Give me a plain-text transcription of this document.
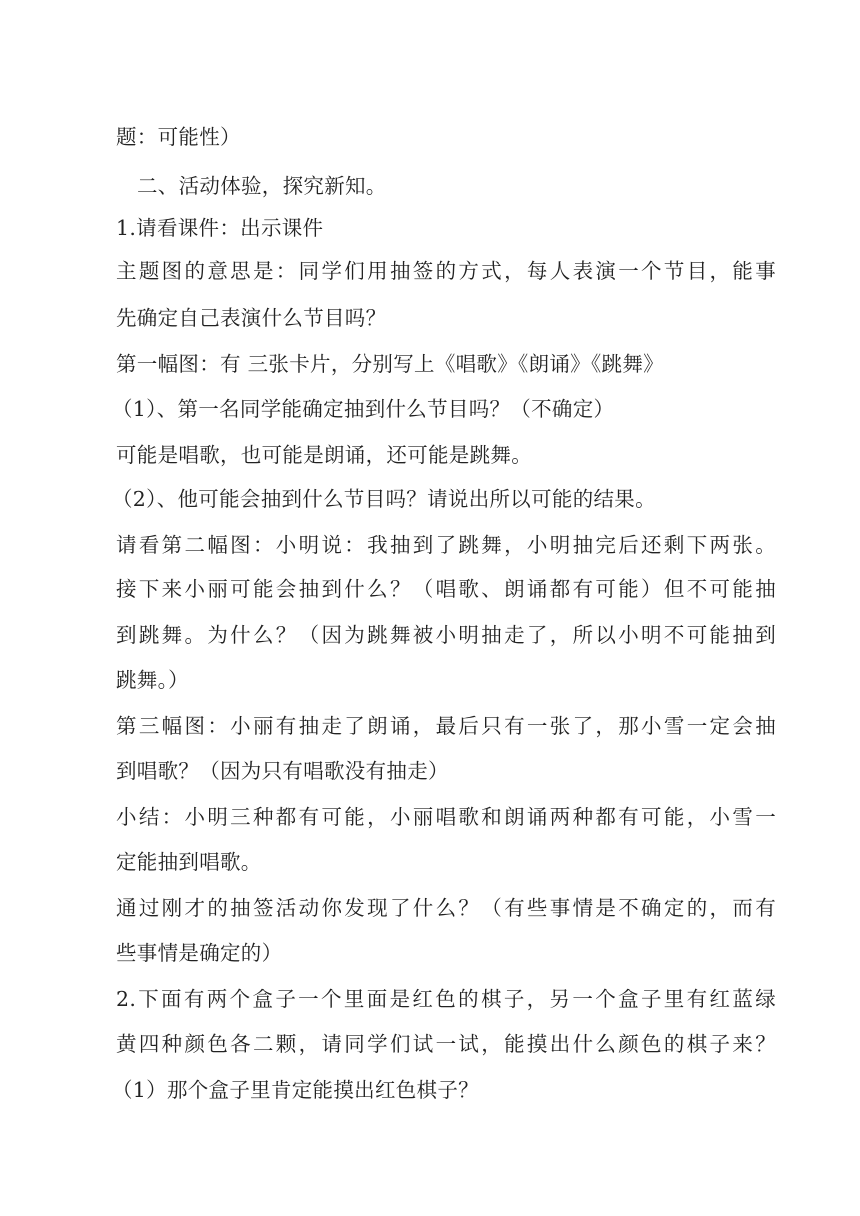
题：可能性）
二、活动体验，探究新知。
1.请看课件：出示课件
主题图的意思是：同学们用抽签的方式，每人表演一个节目，能事
先确定自己表演什么节目吗？
第一幅图：有 三张卡片，分别写上《唱歌》《朗诵》《跳舞》
（1）、第一名同学能确定抽到什么节目吗？（不确定）
可能是唱歌，也可能是朗诵，还可能是跳舞。
（2）、他可能会抽到什么节目吗？请说出所以可能的结果。
请看第二幅图：小明说：我抽到了跳舞，小明抽完后还剩下两张。
接下来小丽可能会抽到什么？（唱歌、朗诵都有可能）但不可能抽
到跳舞。为什么？（因为跳舞被小明抽走了，所以小明不可能抽到
跳舞。）
第三幅图：小丽有抽走了朗诵，最后只有一张了，那小雪一定会抽
到唱歌？（因为只有唱歌没有抽走）
小结：小明三种都有可能，小丽唱歌和朗诵两种都有可能，小雪一
定能抽到唱歌。
通过刚才的抽签活动你发现了什么？（有些事情是不确定的，而有
些事情是确定的）
2.下面有两个盒子一个里面是红色的棋子，另一个盒子里有红蓝绿
黄四种颜色各二颗，请同学们试一试，能摸出什么颜色的棋子来？
（1）那个盒子里肯定能摸出红色棋子？
